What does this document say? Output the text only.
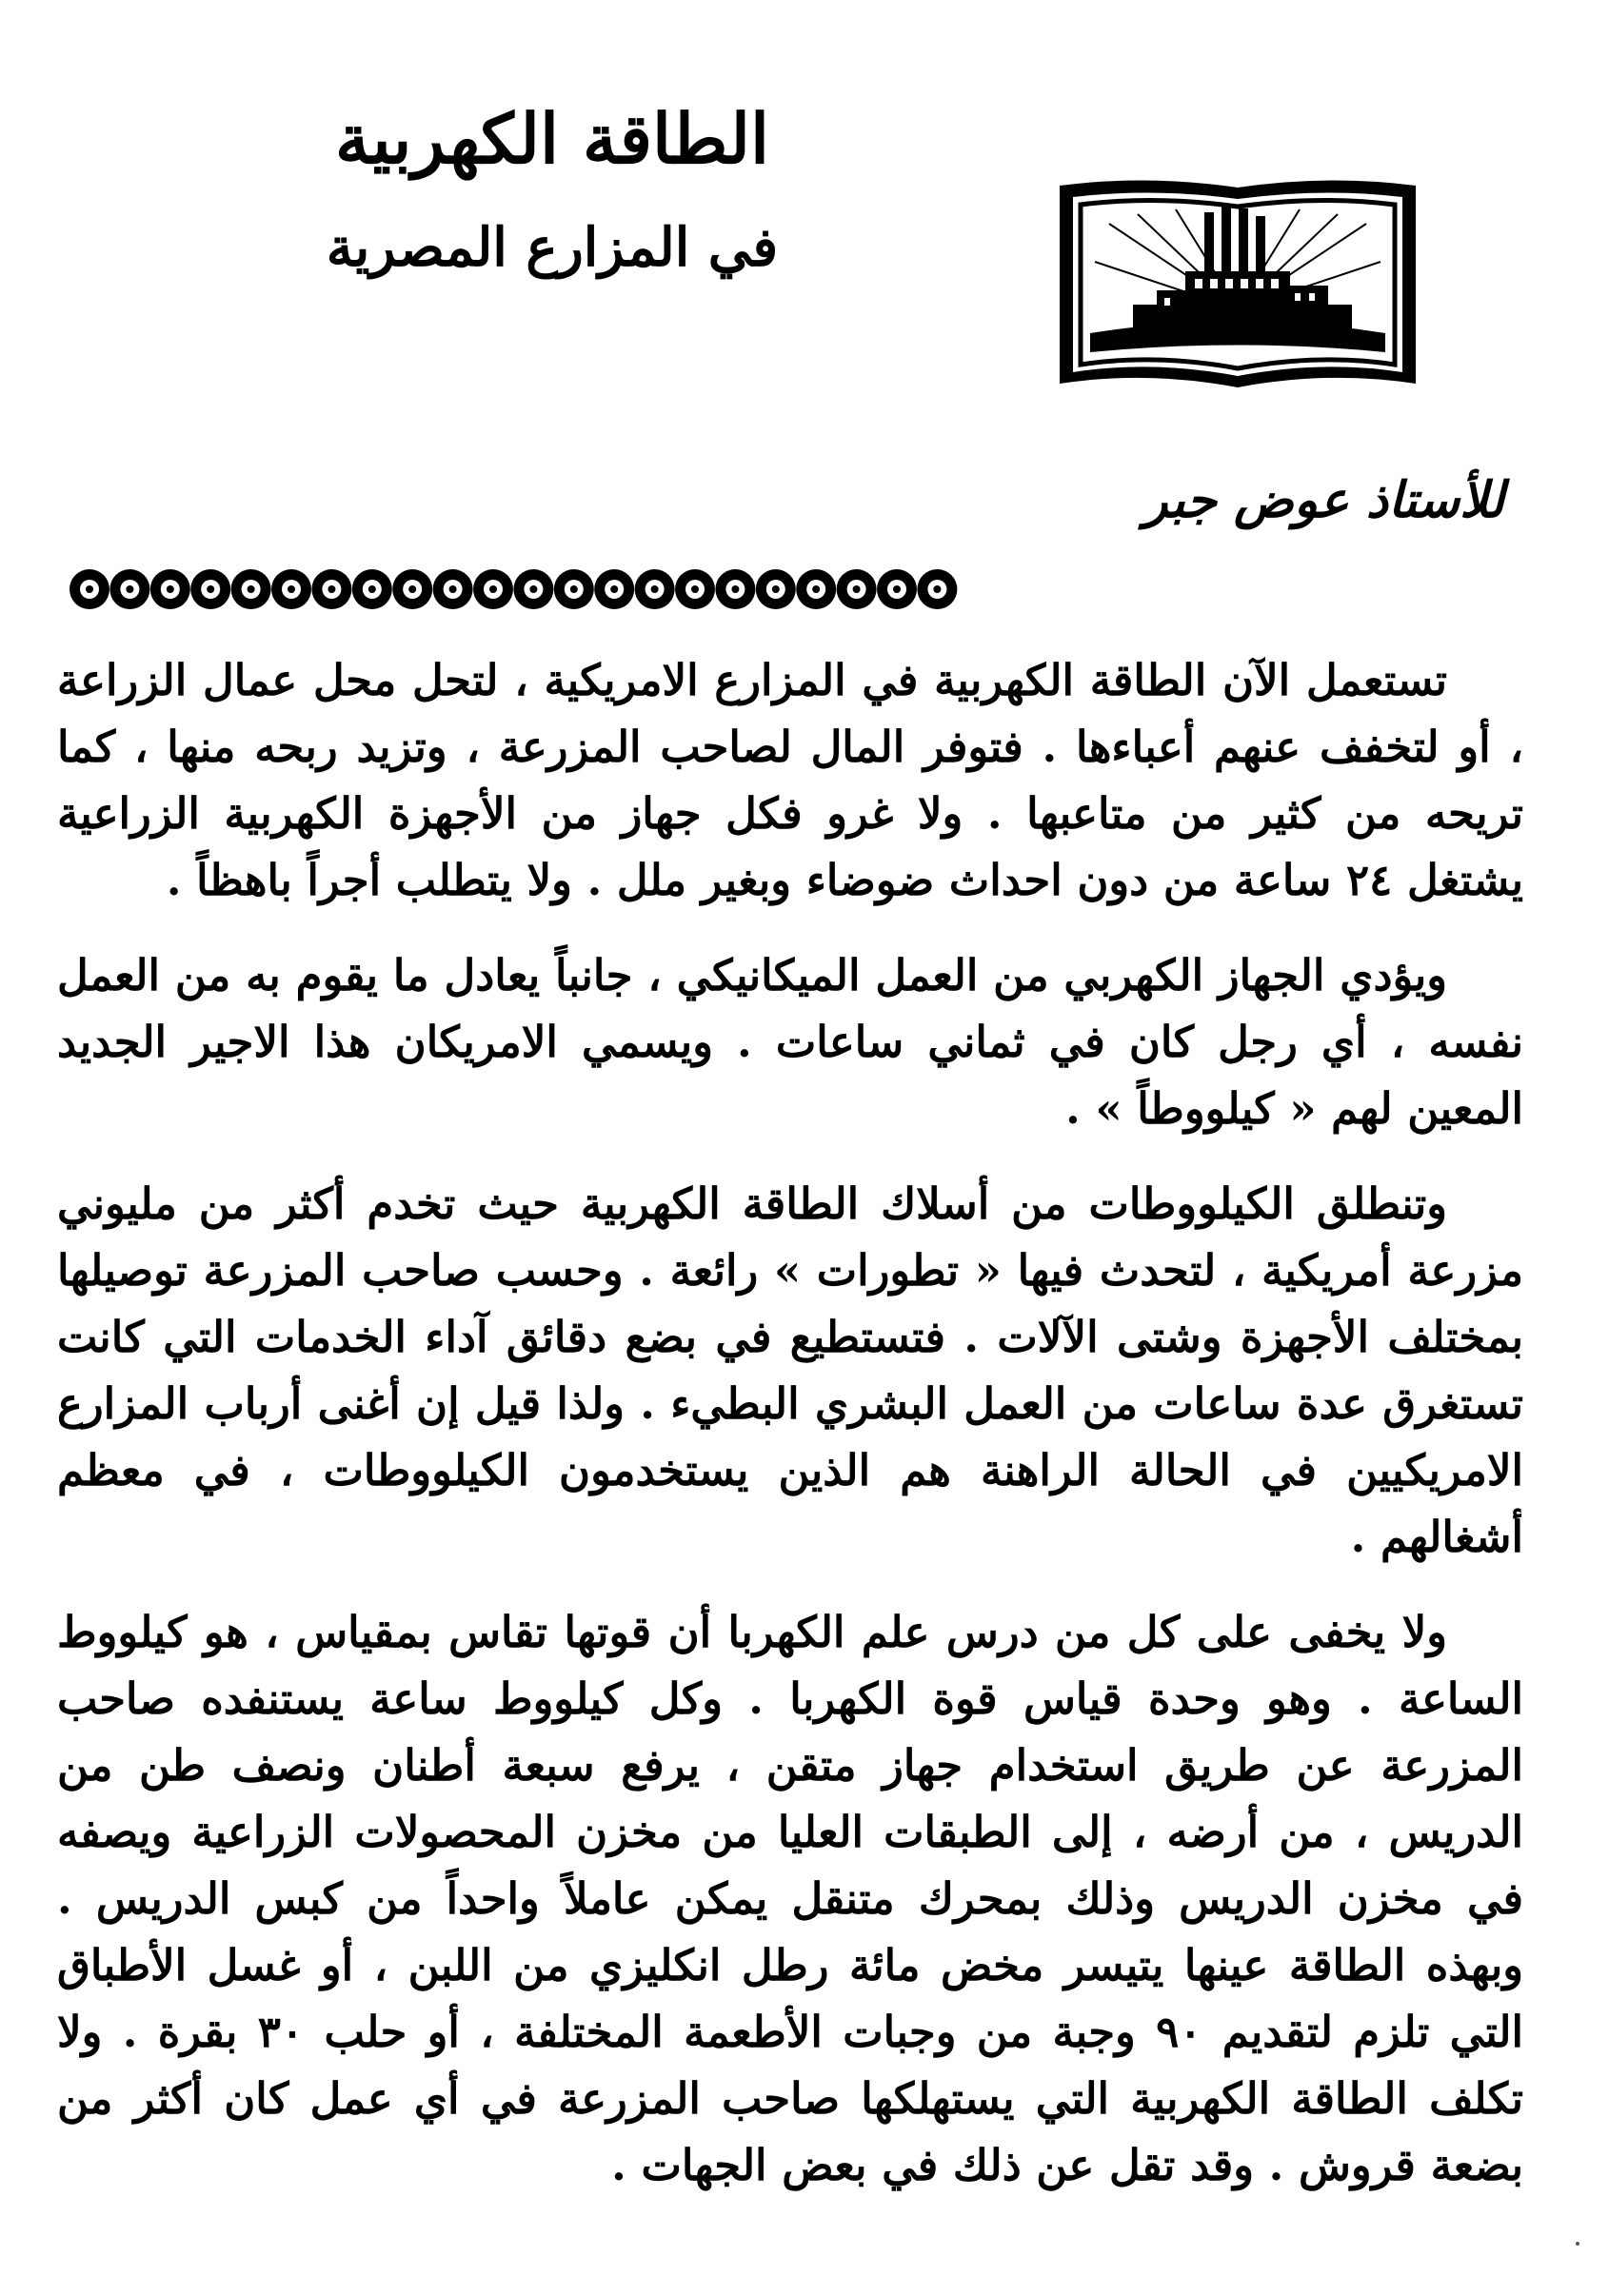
الطاقة الكهربية
في المزارع المصرية
للأستاذ عوض جبر

تستعمل الآن الطاقة الكهربية في المزارع الامريكية ، لتحل محل عمال الزراعة ، أو لتخفف عنهم أعباءها . فتوفر المال لصاحب المزرعة ، وتزيد ربحه منها ، كما تريحه من كثير من متاعبها . ولا غرو فكل جهاز من الأجهزة الكهربية الزراعية يشتغل ٢٤ ساعة من دون احداث ضوضاء وبغير ملل . ولا يتطلب أجراً باهظاً .

ويؤدي الجهاز الكهربي من العمل الميكانيكي ، جانباً يعادل ما يقوم به من العمل نفسه ، أي رجل كان في ثماني ساعات . ويسمي الامريكان هذا الاجير الجديد المعين لهم « كيلووطاً » .

وتنطلق الكيلووطات من أسلاك الطاقة الكهربية حيث تخدم أكثر من مليوني مزرعة أمريكية ، لتحدث فيها « تطورات » رائعة . وحسب صاحب المزرعة توصيلها بمختلف الأجهزة وشتى الآلات . فتستطيع في بضع دقائق آداء الخدمات التي كانت تستغرق عدة ساعات من العمل البشري البطيء . ولذا قيل إن أغنى أرباب المزارع الامريكيين في الحالة الراهنة هم الذين يستخدمون الكيلووطات ، في معظم أشغالهم .

ولا يخفى على كل من درس علم الكهربا أن قوتها تقاس بمقياس ، هو كيلووط الساعة . وهو وحدة قياس قوة الكهربا . وكل كيلووط ساعة يستنفده صاحب المزرعة عن طريق استخدام جهاز متقن ، يرفع سبعة أطنان ونصف طن من الدريس ، من أرضه ، إلى الطبقات العليا من مخزن المحصولات الزراعية ويصفه في مخزن الدريس وذلك بمحرك متنقل يمكن عاملاً واحداً من كبس الدريس . وبهذه الطاقة عينها يتيسر مخض مائة رطل انكليزي من اللبن ، أو غسل الأطباق التي تلزم لتقديم ٩٠ وجبة من وجبات الأطعمة المختلفة ، أو حلب ٣٠ بقرة . ولا تكلف الطاقة الكهربية التي يستهلكها صاحب المزرعة في أي عمل كان أكثر من بضعة قروش . وقد تقل عن ذلك في بعض الجهات .
